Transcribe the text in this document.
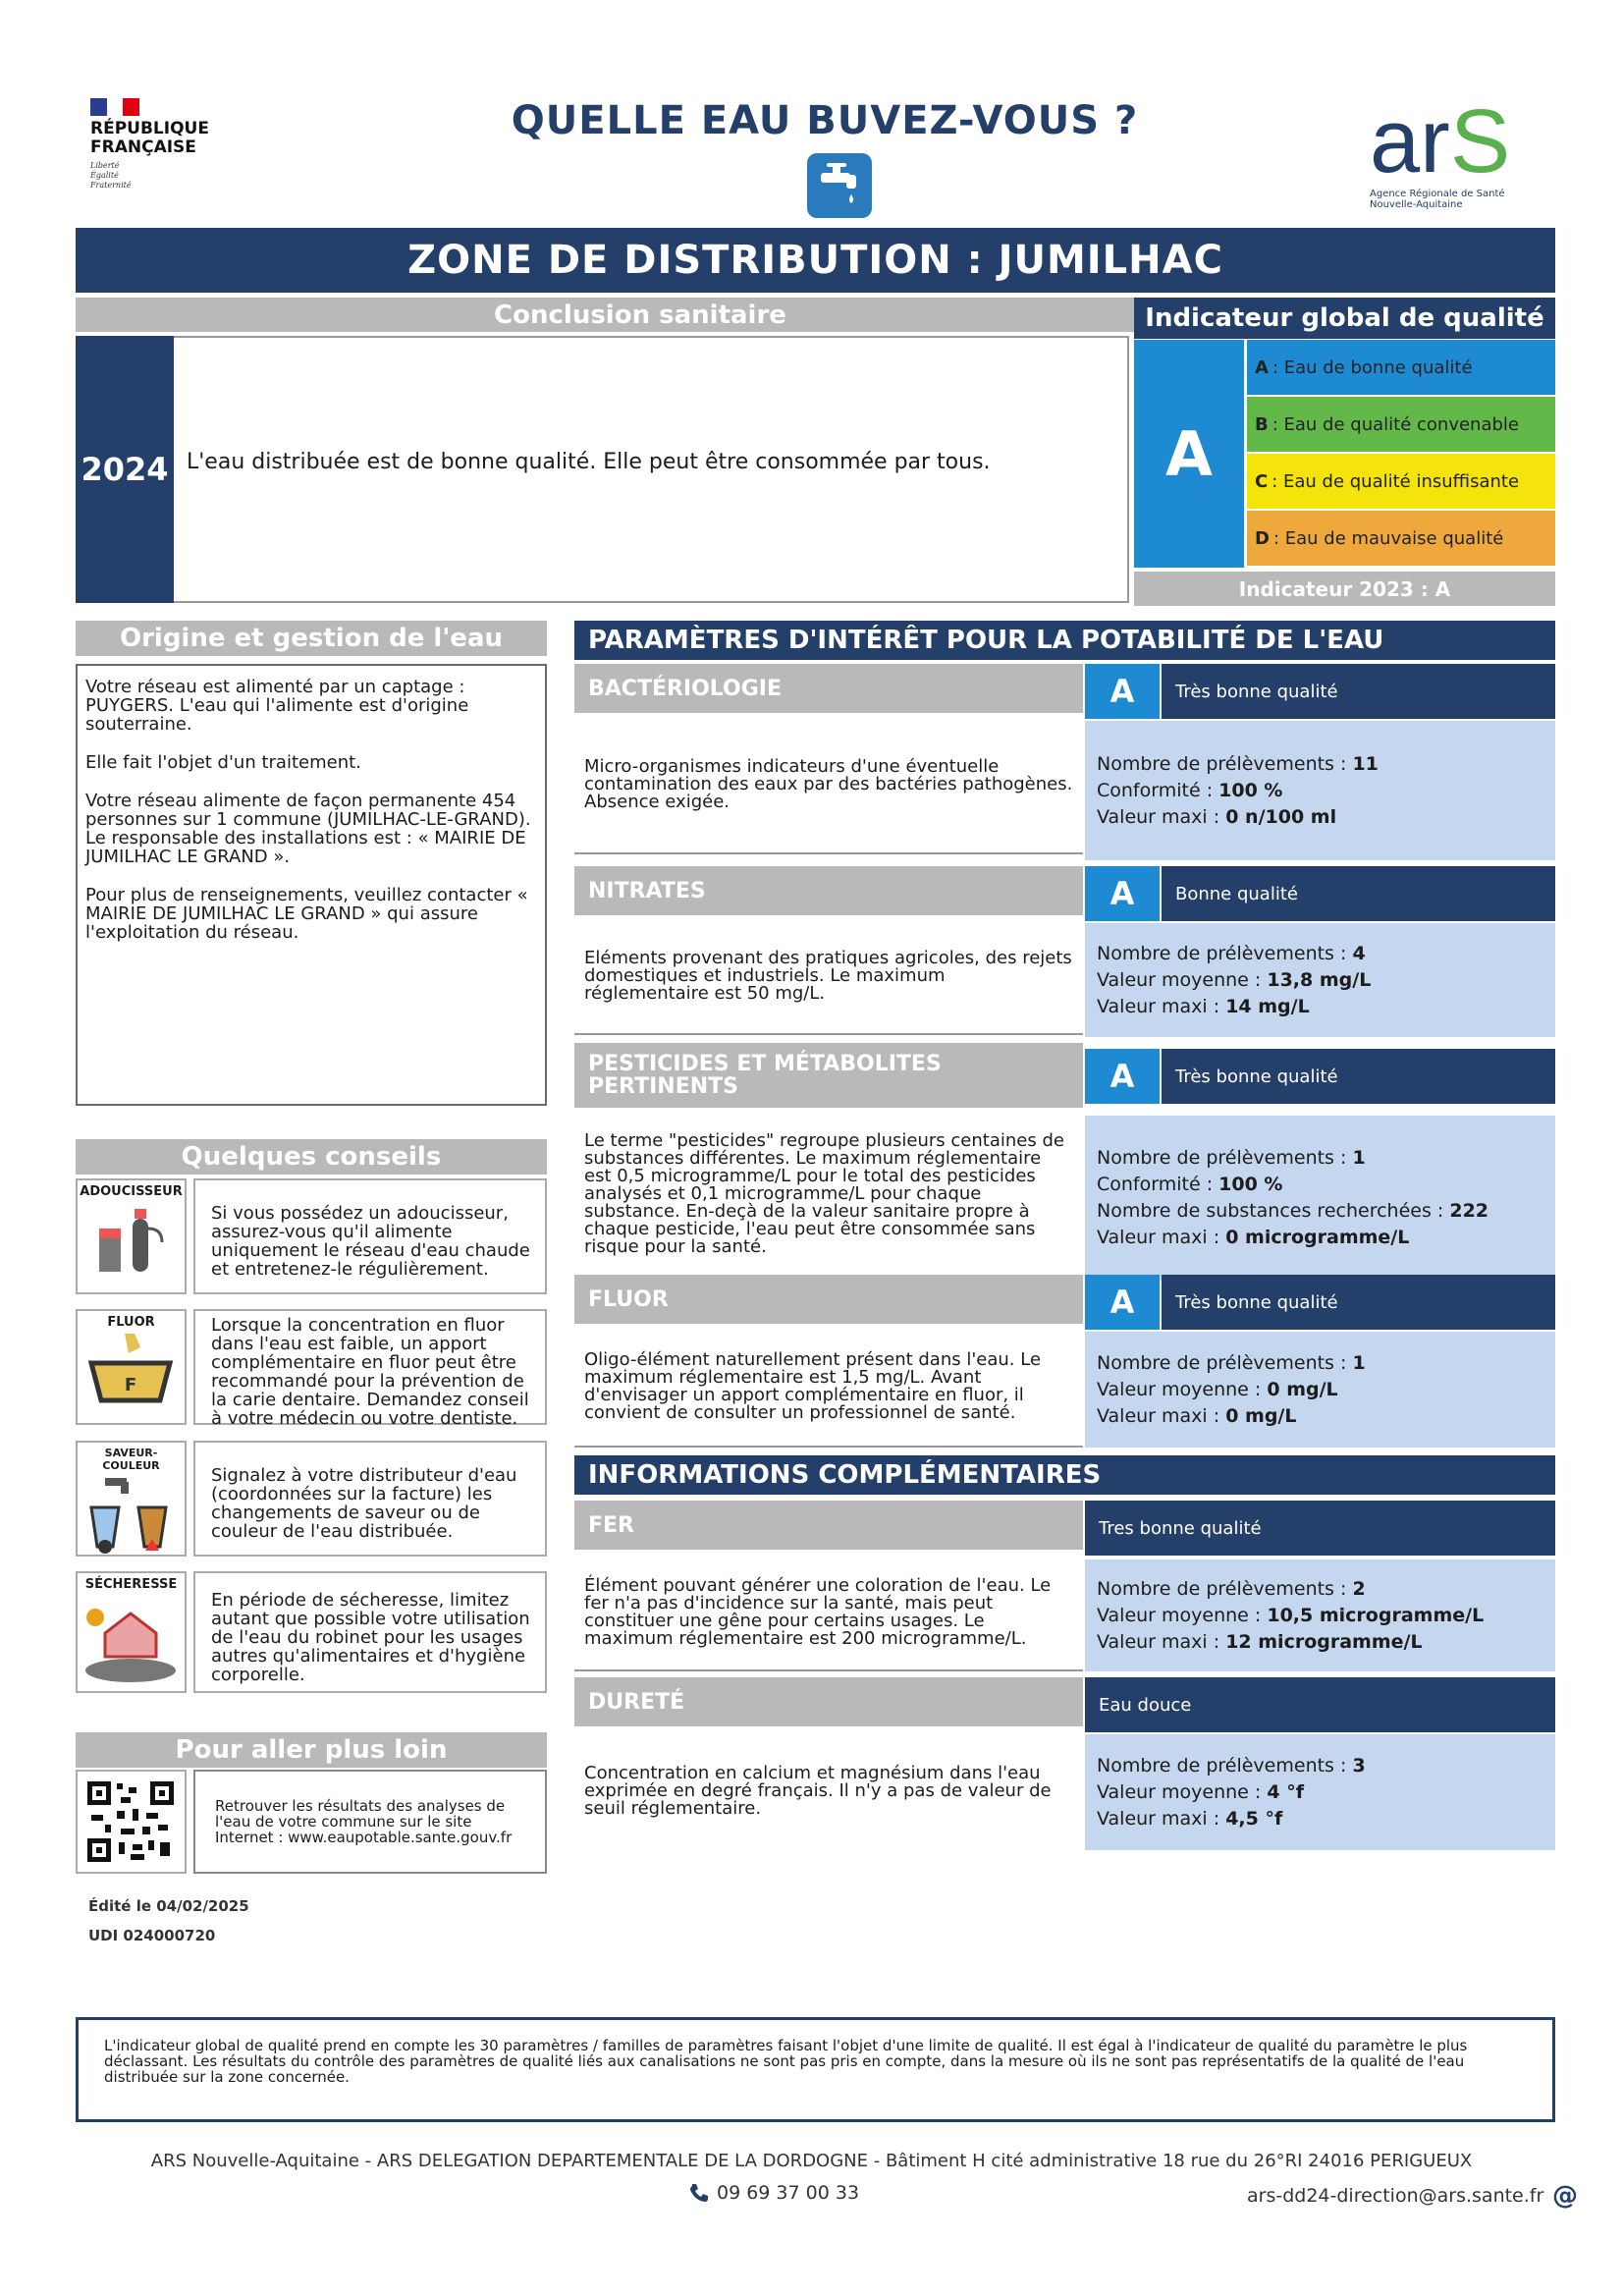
RÉPUBLIQUE
FRANÇAISE
Liberté
Égalité
Fraternité
QUELLE EAU BUVEZ-VOUS ?	arS
Agence Régionale de Santé
Nouvelle-Aquitaine
ZONE DE DISTRIBUTION : JUMILHAC
Conclusion sanitaire	Indicateur global de qualité
2024 L'eau distribuée est de bonne qualité. Elle peut être consommée par tous.	A
A : Eau de bonne qualité
B : Eau de qualité convenable
C : Eau de qualité insuffisante
D : Eau de mauvaise qualité
Indicateur 2023 : A
Origine et gestion de l'eau

Votre réseau est alimenté par un captage : PUYGERS. L'eau qui l'alimente est d'origine souterraine.

Elle fait l'objet d'un traitement.

Votre réseau alimente de façon permanente 454 personnes sur 1 commune (JUMILHAC-LE-GRAND). Le responsable des installations est : « MAIRIE DE JUMILHAC LE GRAND ».

Pour plus de renseignements, veuillez contacter « MAIRIE DE JUMILHAC LE GRAND » qui assure l'exploitation du réseau.

Quelques conseils
ADOUCISSEUR
Si vous possédez un adoucisseur, assurez-vous qu'il alimente uniquement le réseau d'eau chaude et entretenez-le régulièrement.
FLUOR
F
Lorsque la concentration en fluor dans l'eau est faible, un apport complémentaire en fluor peut être recommandé pour la prévention de la carie dentaire. Demandez conseil à votre médecin ou votre dentiste.
SAVEUR-COULEUR	Signalez à votre distributeur d'eau (coordonnées sur la facture) les changements de saveur ou de couleur de l'eau distribuée.
SÉCHERESSE
En période de sécheresse, limitez autant que possible votre utilisation de l'eau du robinet pour les usages autres qu'alimentaires et d'hygiène corporelle.
Pour aller plus loin
Retrouver les résultats des analyses de l'eau de votre commune sur le site Internet : www.eaupotable.sante.gouv.fr
Édité le 04/02/2025
UDI 024000720
PARAMÈTRES D'INTÉRÊT POUR LA POTABILITÉ DE L'EAU
BACTÉRIOLOGIE	A	Très bonne qualité
Micro-organismes indicateurs d'une éventuelle contamination des eaux par des bactéries pathogènes. Absence exigée.
Nombre de prélèvements : 11
Conformité : 100 %
Valeur maxi : 0 n/100 ml
NITRATES	A	Bonne qualité
Eléments provenant des pratiques agricoles, des rejets domestiques et industriels. Le maximum réglementaire est 50 mg/L.
Nombre de prélèvements : 4
Valeur moyenne : 13,8 mg/L
Valeur maxi : 14 mg/L
PESTICIDES ET MÉTABOLITES
PERTINENTS	A	Très bonne qualité
Le terme "pesticides" regroupe plusieurs centaines de substances différentes. Le maximum réglementaire est 0,5 microgramme/L pour le total des pesticides analysés et 0,1 microgramme/L pour chaque substance. En-deçà de la valeur sanitaire propre à chaque pesticide, l'eau peut être consommée sans risque pour la santé.
Nombre de prélèvements : 1
Conformité : 100 %
Nombre de substances recherchées : 222
Valeur maxi : 0 microgramme/L
FLUOR	A	Très bonne qualité
Oligo-élément naturellement présent dans l'eau. Le maximum réglementaire est 1,5 mg/L. Avant d'envisager un apport complémentaire en fluor, il convient de consulter un professionnel de santé.
Nombre de prélèvements : 1
Valeur moyenne : 0 mg/L
Valeur maxi : 0 mg/L
INFORMATIONS COMPLÉMENTAIRES
FER	Tres bonne qualité
Élément pouvant générer une coloration de l'eau. Le fer n'a pas d'incidence sur la santé, mais peut constituer une gêne pour certains usages. Le maximum réglementaire est 200 microgramme/L.
Nombre de prélèvements : 2
Valeur moyenne : 10,5 microgramme/L
Valeur maxi : 12 microgramme/L
DURETÉ	Eau douce
Concentration en calcium et magnésium dans l'eau exprimée en degré français. Il n'y a pas de valeur de seuil réglementaire.
Nombre de prélèvements : 3
Valeur moyenne : 4 °f
Valeur maxi : 4,5 °f
L'indicateur global de qualité prend en compte les 30 paramètres / familles de paramètres faisant l'objet d'une limite de qualité. Il est égal à l'indicateur de qualité du paramètre le plus déclassant. Les résultats du contrôle des paramètres de qualité liés aux canalisations ne sont pas pris en compte, dans la mesure où ils ne sont pas représentatifs de la qualité de l'eau distribuée sur la zone concernée.
ARS Nouvelle-Aquitaine - ARS DELEGATION DEPARTEMENTALE DE LA DORDOGNE - Bâtiment H cité administrative 18 rue du 26°RI 24016 PERIGUEUX
09 69 37 00 33	ars-dd24-direction@ars.sante.fr @
